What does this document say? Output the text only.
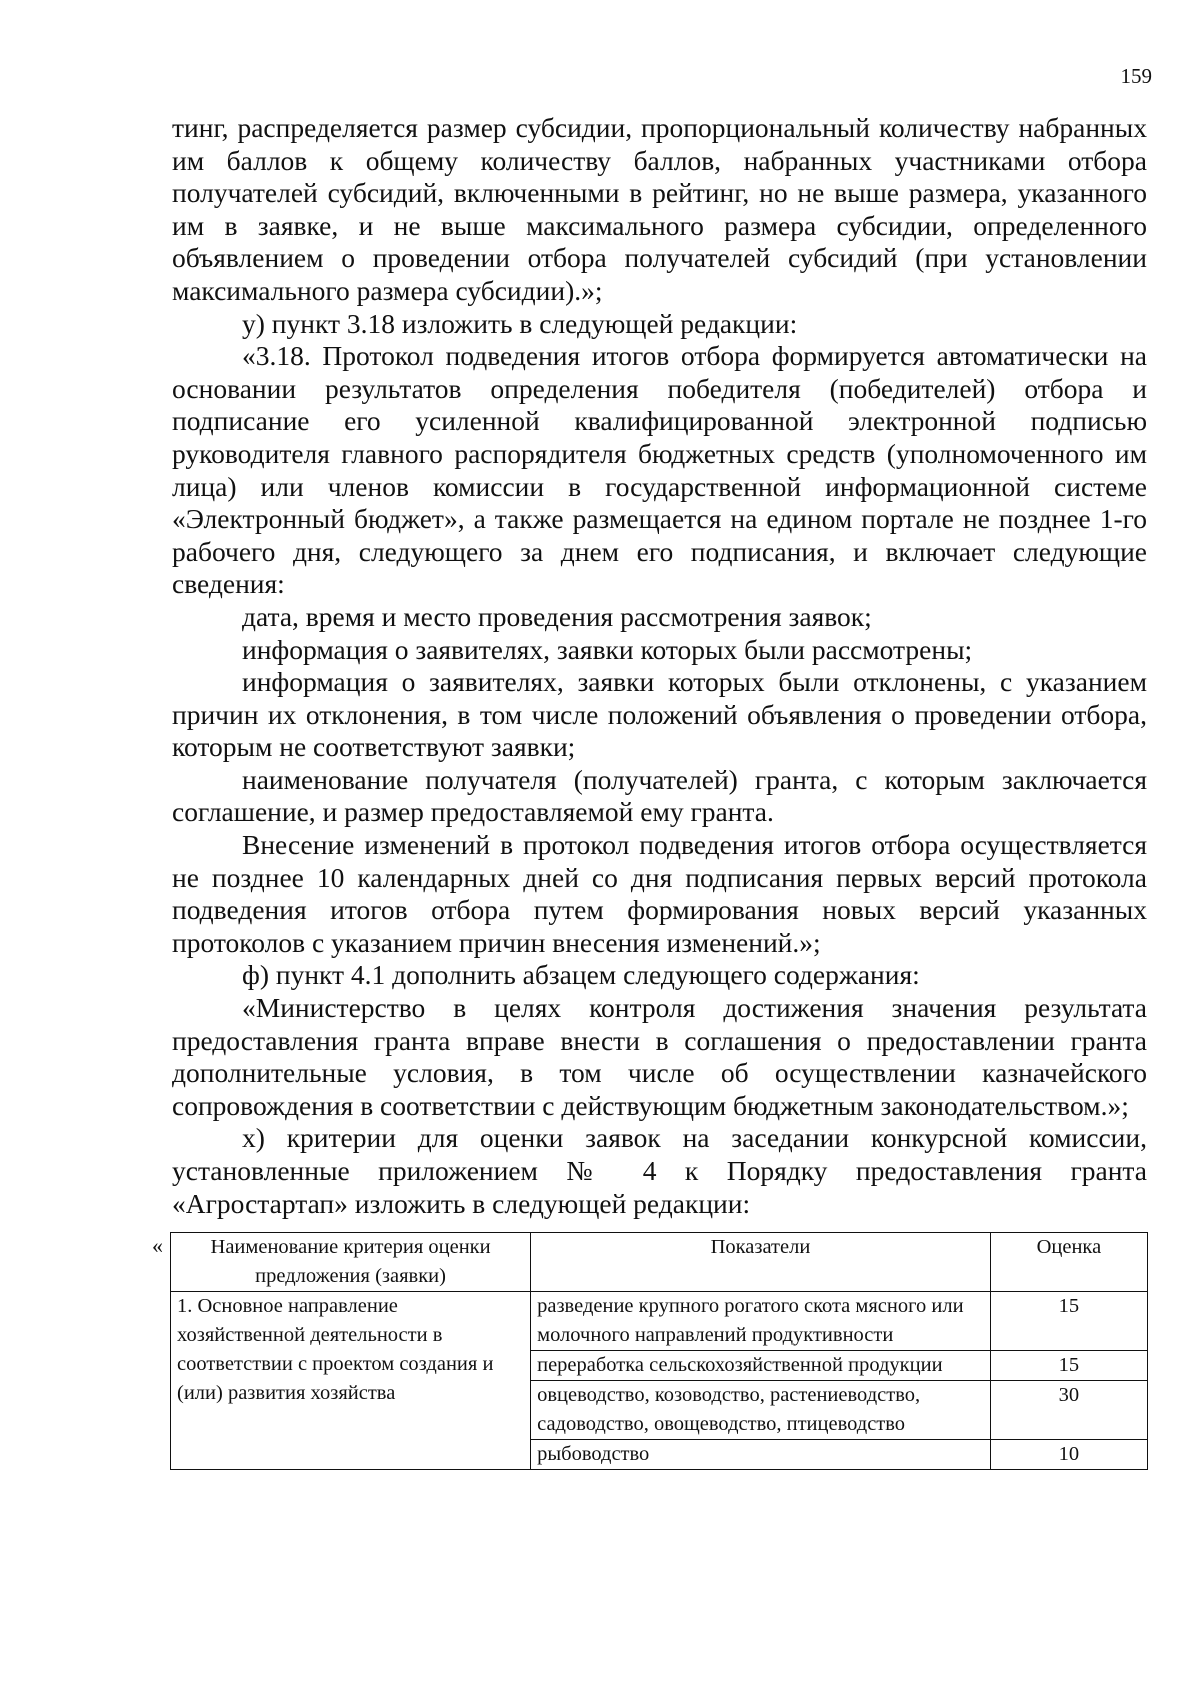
159

тинг, распределяется размер субсидии, пропорциональный количеству набранных им баллов к общему количеству баллов, набранных участниками отбора получателей субсидий, включенными в рейтинг, но не выше размера, указанного им в заявке, и не выше максимального размера субсидии, определенного объявлением о проведении отбора получателей субсидий (при установлении максимального размера субсидии).»;

у) пункт 3.18 изложить в следующей редакции:

«3.18. Протокол подведения итогов отбора формируется автоматически на основании результатов определения победителя (победителей) отбора и подписание его усиленной квалифицированной электронной подписью руководителя главного распорядителя бюджетных средств (уполномоченного им лица) или членов комиссии в государственной информационной системе «Электронный бюджет», а также размещается на едином портале не позднее 1-го рабочего дня, следующего за днем его подписания, и включает следующие сведения:

дата, время и место проведения рассмотрения заявок;

информация о заявителях, заявки которых были рассмотрены;

информация о заявителях, заявки которых были отклонены, с указанием причин их отклонения, в том числе положений объявления о проведении отбора, которым не соответствуют заявки;

наименование получателя (получателей) гранта, с которым заключается соглашение, и размер предоставляемой ему гранта.

Внесение изменений в протокол подведения итогов отбора осуществляется не позднее 10 календарных дней со дня подписания первых версий протокола подведения итогов отбора путем формирования новых версий указанных протоколов с указанием причин внесения изменений.»;

ф) пункт 4.1 дополнить абзацем следующего содержания:

«Министерство в целях контроля достижения значения результата предоставления гранта вправе внести в соглашения о предоставлении гранта дополнительные условия, в том числе об осуществлении казначейского сопровождения в соответствии с действующим бюджетным законодательством.»;

х) критерии для оценки заявок на заседании конкурсной комиссии, установленные приложением № 4 к Порядку предоставления гранта «Агростартап» изложить в следующей редакции:

« Наименование критерия оценки предложения (заявки)	Показатели	Оценка
1. Основное направление хозяйственной деятельности в соответствии с проектом создания и (или) развития хозяйства	разведение крупного рогатого скота мясного или молочного направлений продуктивности	15
	переработка сельскохозяйственной продукции	15
	овцеводство, козоводство, растениеводство, садоводство, овощеводство, птицеводство	30
	рыбоводство	10
